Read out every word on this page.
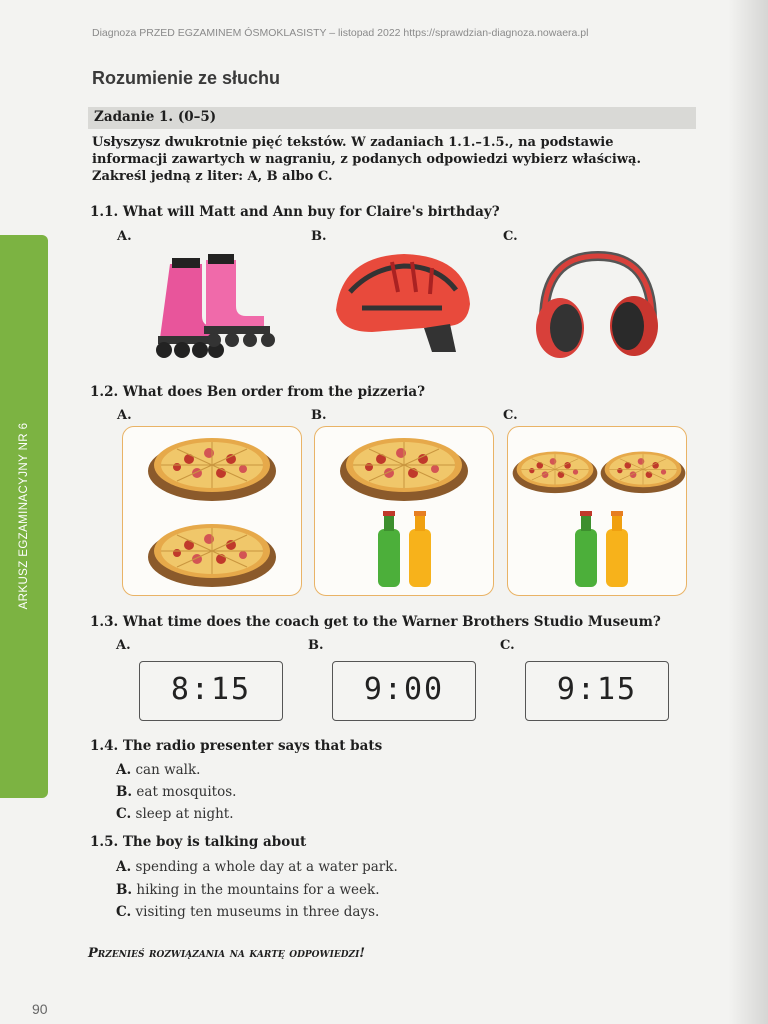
Diagnoza PRZED EGZAMINEM ÓSMOKLASISTY – listopad 2022 https://sprawdzian-diagnoza.nowaera.pl
Rozumienie ze słuchu
Zadanie 1. (0–5)
Usłyszysz dwukrotnie pięć tekstów. W zadaniach 1.1.–1.5., na podstawie informacji zawartych w nagraniu, z podanych odpowiedzi wybierz właściwą. Zakreśl jedną z liter: A, B albo C.
ARKUSZ EGZAMINACYJNY NR 6
1.1. What will Matt and Ann buy for Claire's birthday?
A.	B.	C.
1.2. What does Ben order from the pizzeria?
A.	B.	C.
1.3. What time does the coach get to the Warner Brothers Studio Museum?
A.	B.	C.
8:15	9:00	9:15
1.4. The radio presenter says that bats
A. can walk.
B. eat mosquitos.
C. sleep at night.
1.5. The boy is talking about
A. spending a whole day at a water park.
B. hiking in the mountains for a week.
C. visiting ten museums in three days.
Przenieś rozwiązania na kartę odpowiedzi!
90
